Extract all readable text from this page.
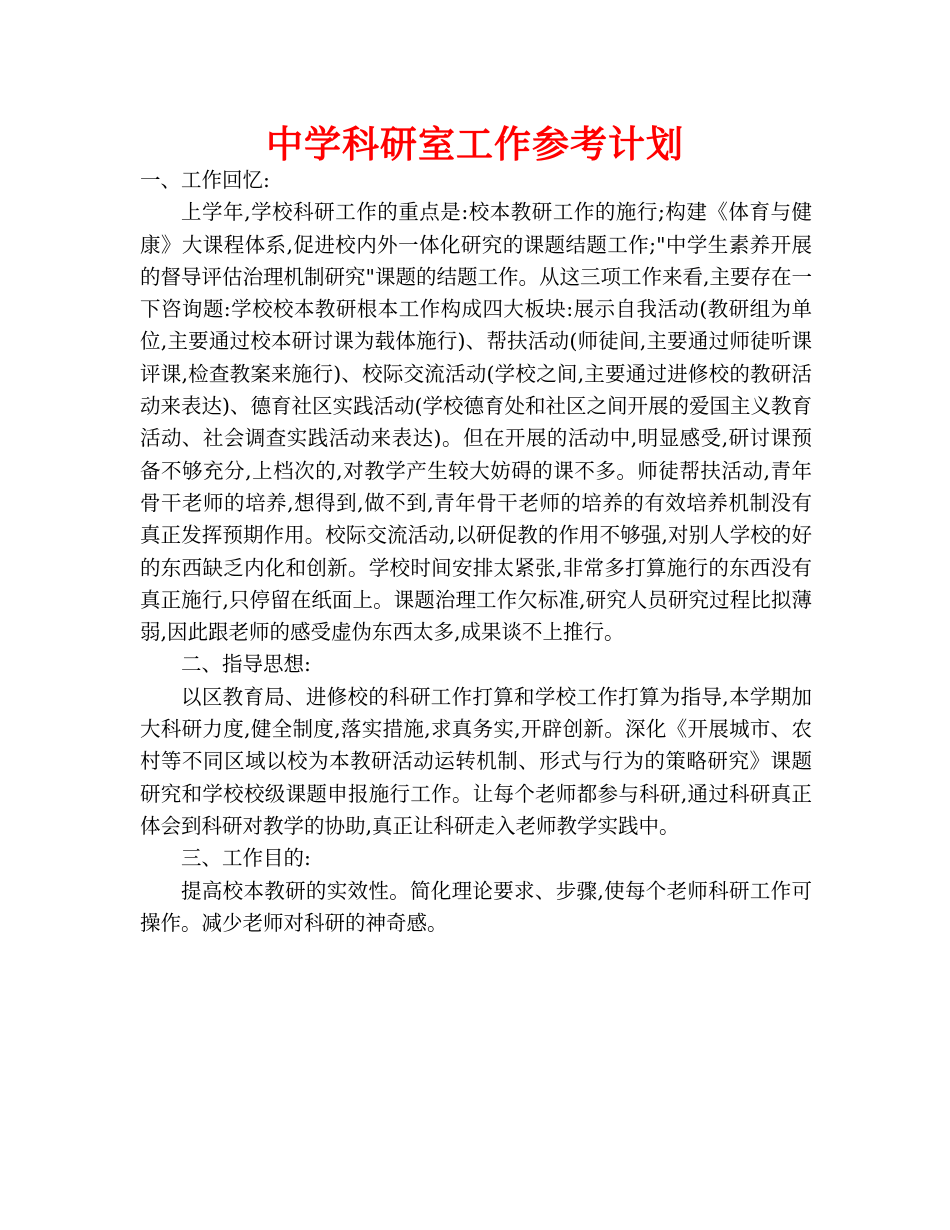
中学科研室工作参考计划

一、工作回忆:

上学年,学校科研工作的重点是:校本教研工作的施行;构建《体育与健康》大课程体系,促进校内外一体化研究的课题结题工作;"中学生素养开展的督导评估治理机制研究"课题的结题工作。从这三项工作来看,主要存在一下咨询题:学校校本教研根本工作构成四大板块:展示自我活动(教研组为单位,主要通过校本研讨课为载体施行)、帮扶活动(师徒间,主要通过师徒听课评课,检查教案来施行)、校际交流活动(学校之间,主要通过进修校的教研活动来表达)、德育社区实践活动(学校德育处和社区之间开展的爱国主义教育活动、社会调查实践活动来表达)。但在开展的活动中,明显感受,研讨课预备不够充分,上档次的,对教学产生较大妨碍的课不多。师徒帮扶活动,青年骨干老师的培养,想得到,做不到,青年骨干老师的培养的有效培养机制没有真正发挥预期作用。校际交流活动,以研促教的作用不够强,对别人学校的好的东西缺乏内化和创新。学校时间安排太紧张,非常多打算施行的东西没有真正施行,只停留在纸面上。课题治理工作欠标准,研究人员研究过程比拟薄弱,因此跟老师的感受虚伪东西太多,成果谈不上推行。

二、指导思想:

以区教育局、进修校的科研工作打算和学校工作打算为指导,本学期加大科研力度,健全制度,落实措施,求真务实,开辟创新。深化《开展城市、农村等不同区域以校为本教研活动运转机制、形式与行为的策略研究》课题研究和学校校级课题申报施行工作。让每个老师都参与科研,通过科研真正体会到科研对教学的协助,真正让科研走入老师教学实践中。

三、工作目的:

提高校本教研的实效性。简化理论要求、步骤,使每个老师科研工作可操作。减少老师对科研的神奇感。
